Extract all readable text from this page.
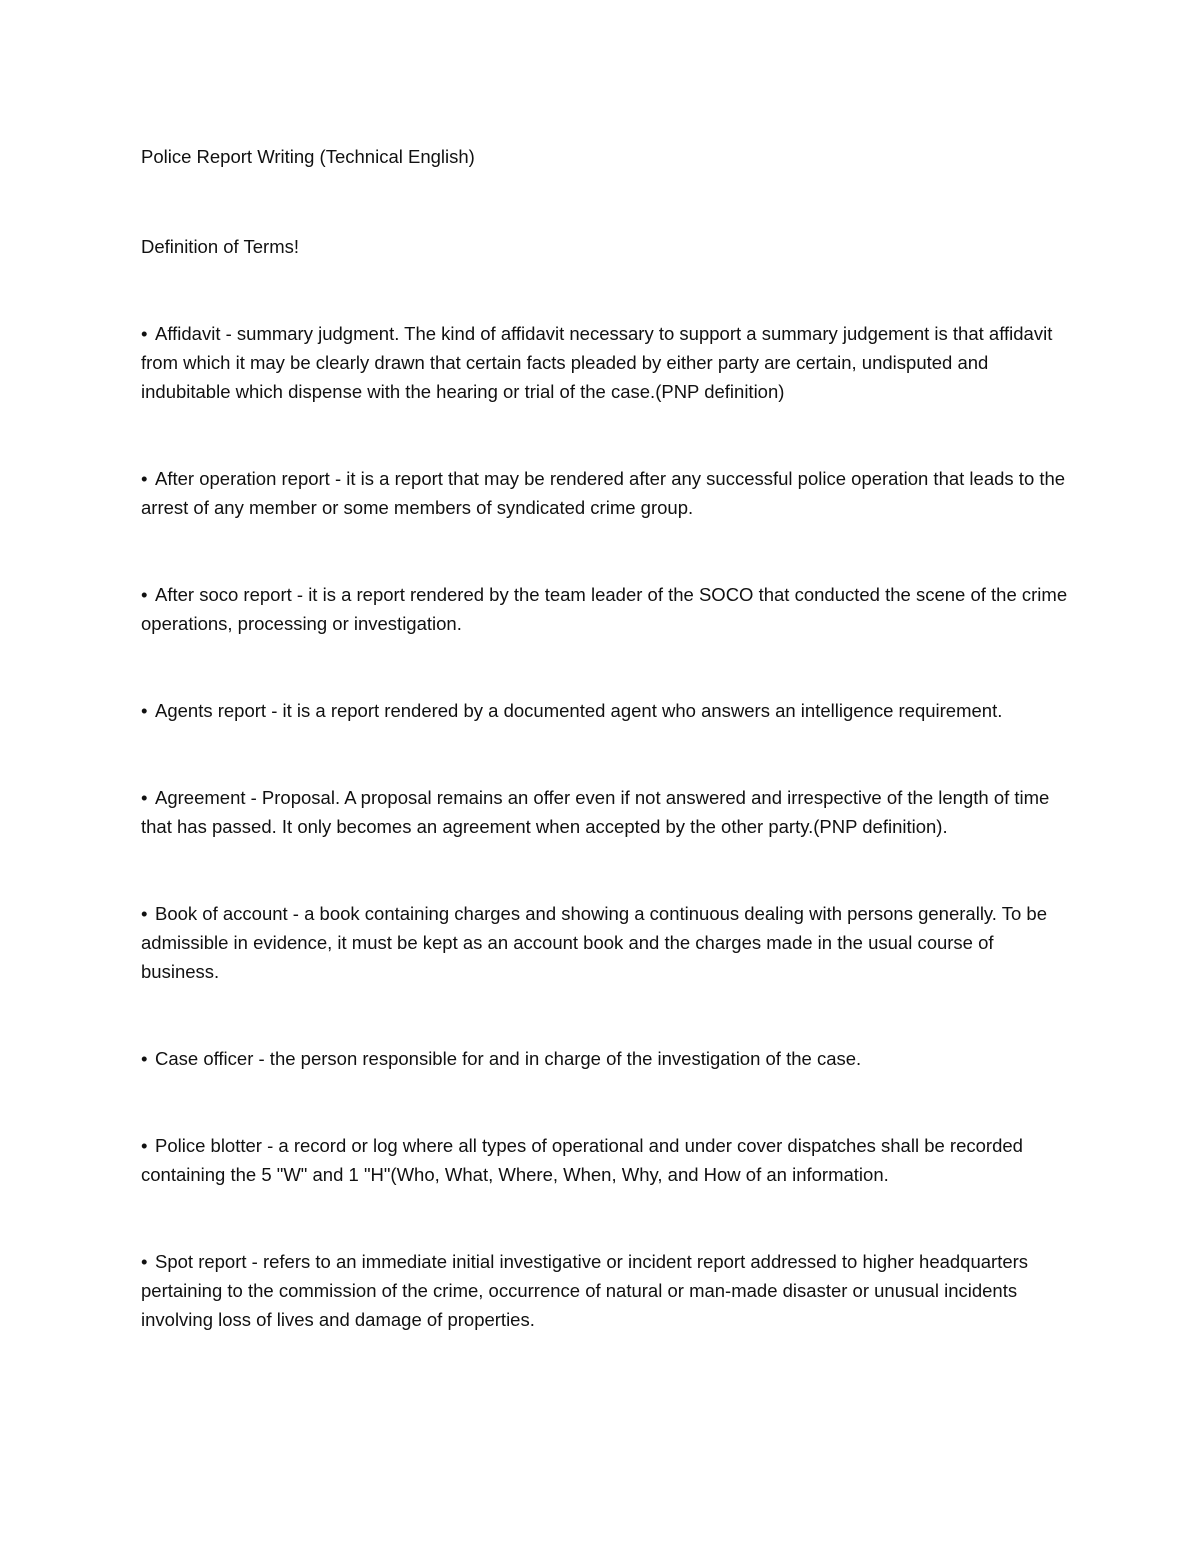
Police Report Writing (Technical English)

Definition of Terms!

• Affidavit - summary judgment. The kind of affidavit necessary to support a summary judgement is that affidavit from which it may be clearly drawn that certain facts pleaded by either party are certain, undisputed and indubitable which dispense with the hearing or trial of the case.(PNP definition)
• After operation report - it is a report that may be rendered after any successful police operation that leads to the arrest of any member or some members of syndicated crime group.
• After soco report - it is a report rendered by the team leader of the SOCO that conducted the scene of the crime operations, processing or investigation.
• Agents report - it is a report rendered by a documented agent who answers an intelligence requirement.
• Agreement - Proposal. A proposal remains an offer even if not answered and irrespective of the length of time that has passed. It only becomes an agreement when accepted by the other party.(PNP definition).
• Book of account - a book containing charges and showing a continuous dealing with persons generally. To be admissible in evidence, it must be kept as an account book and the charges made in the usual course of business.
• Case officer - the person responsible for and in charge of the investigation of the case.
• Police blotter - a record or log where all types of operational and under cover dispatches shall be recorded containing the 5 "W" and 1 "H"(Who, What, Where, When, Why, and How of an information.
• Spot report - refers to an immediate initial investigative or incident report addressed to higher headquarters pertaining to the commission of the crime, occurrence of natural or man-made disaster or unusual incidents involving loss of lives and damage of properties.
